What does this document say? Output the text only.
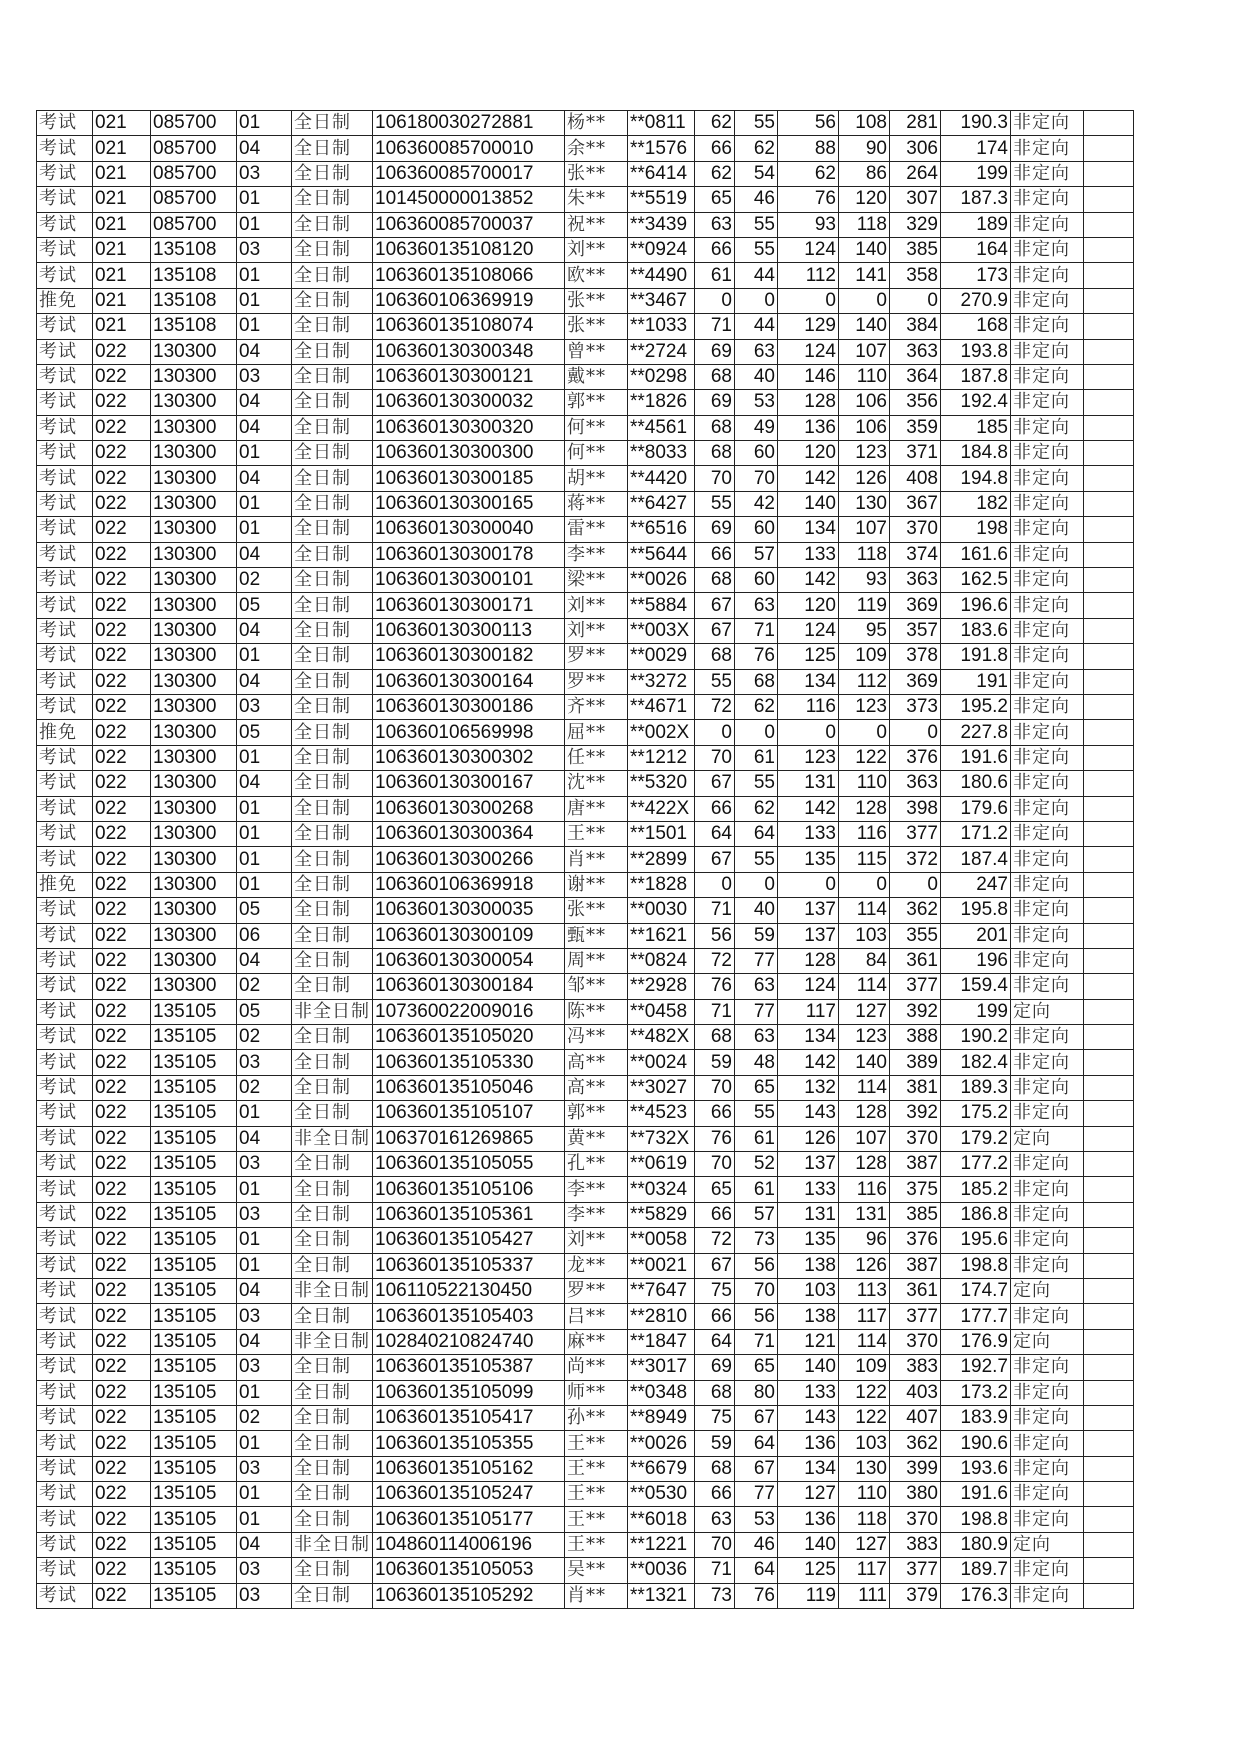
考试	021	085700	01	全日制	106180030272881	杨**	**0811	62	55	56	108	281	190.3	非定向	
考试	021	085700	04	全日制	106360085700010	余**	**1576	66	62	88	90	306	174	非定向	
考试	021	085700	03	全日制	106360085700017	张**	**6414	62	54	62	86	264	199	非定向	
考试	021	085700	01	全日制	101450000013852	朱**	**5519	65	46	76	120	307	187.3	非定向	
考试	021	085700	01	全日制	106360085700037	祝**	**3439	63	55	93	118	329	189	非定向	
考试	021	135108	03	全日制	106360135108120	刘**	**0924	66	55	124	140	385	164	非定向	
考试	021	135108	01	全日制	106360135108066	欧**	**4490	61	44	112	141	358	173	非定向	
推免	021	135108	01	全日制	106360106369919	张**	**3467	0	0	0	0	0	270.9	非定向	
考试	021	135108	01	全日制	106360135108074	张**	**1033	71	44	129	140	384	168	非定向	
考试	022	130300	04	全日制	106360130300348	曾**	**2724	69	63	124	107	363	193.8	非定向	
考试	022	130300	03	全日制	106360130300121	戴**	**0298	68	40	146	110	364	187.8	非定向	
考试	022	130300	04	全日制	106360130300032	郭**	**1826	69	53	128	106	356	192.4	非定向	
考试	022	130300	04	全日制	106360130300320	何**	**4561	68	49	136	106	359	185	非定向	
考试	022	130300	01	全日制	106360130300300	何**	**8033	68	60	120	123	371	184.8	非定向	
考试	022	130300	04	全日制	106360130300185	胡**	**4420	70	70	142	126	408	194.8	非定向	
考试	022	130300	01	全日制	106360130300165	蒋**	**6427	55	42	140	130	367	182	非定向	
考试	022	130300	01	全日制	106360130300040	雷**	**6516	69	60	134	107	370	198	非定向	
考试	022	130300	04	全日制	106360130300178	李**	**5644	66	57	133	118	374	161.6	非定向	
考试	022	130300	02	全日制	106360130300101	梁**	**0026	68	60	142	93	363	162.5	非定向	
考试	022	130300	05	全日制	106360130300171	刘**	**5884	67	63	120	119	369	196.6	非定向	
考试	022	130300	04	全日制	106360130300113	刘**	**003X	67	71	124	95	357	183.6	非定向	
考试	022	130300	01	全日制	106360130300182	罗**	**0029	68	76	125	109	378	191.8	非定向	
考试	022	130300	04	全日制	106360130300164	罗**	**3272	55	68	134	112	369	191	非定向	
考试	022	130300	03	全日制	106360130300186	齐**	**4671	72	62	116	123	373	195.2	非定向	
推免	022	130300	05	全日制	106360106569998	屈**	**002X	0	0	0	0	0	227.8	非定向	
考试	022	130300	01	全日制	106360130300302	任**	**1212	70	61	123	122	376	191.6	非定向	
考试	022	130300	04	全日制	106360130300167	沈**	**5320	67	55	131	110	363	180.6	非定向	
考试	022	130300	01	全日制	106360130300268	唐**	**422X	66	62	142	128	398	179.6	非定向	
考试	022	130300	01	全日制	106360130300364	王**	**1501	64	64	133	116	377	171.2	非定向	
考试	022	130300	01	全日制	106360130300266	肖**	**2899	67	55	135	115	372	187.4	非定向	
推免	022	130300	01	全日制	106360106369918	谢**	**1828	0	0	0	0	0	247	非定向	
考试	022	130300	05	全日制	106360130300035	张**	**0030	71	40	137	114	362	195.8	非定向	
考试	022	130300	06	全日制	106360130300109	甄**	**1621	56	59	137	103	355	201	非定向	
考试	022	130300	04	全日制	106360130300054	周**	**0824	72	77	128	84	361	196	非定向	
考试	022	130300	02	全日制	106360130300184	邹**	**2928	76	63	124	114	377	159.4	非定向	
考试	022	135105	05	非全日制	107360022009016	陈**	**0458	71	77	117	127	392	199	定向	
考试	022	135105	02	全日制	106360135105020	冯**	**482X	68	63	134	123	388	190.2	非定向	
考试	022	135105	03	全日制	106360135105330	高**	**0024	59	48	142	140	389	182.4	非定向	
考试	022	135105	02	全日制	106360135105046	高**	**3027	70	65	132	114	381	189.3	非定向	
考试	022	135105	01	全日制	106360135105107	郭**	**4523	66	55	143	128	392	175.2	非定向	
考试	022	135105	04	非全日制	106370161269865	黄**	**732X	76	61	126	107	370	179.2	定向	
考试	022	135105	03	全日制	106360135105055	孔**	**0619	70	52	137	128	387	177.2	非定向	
考试	022	135105	01	全日制	106360135105106	李**	**0324	65	61	133	116	375	185.2	非定向	
考试	022	135105	03	全日制	106360135105361	李**	**5829	66	57	131	131	385	186.8	非定向	
考试	022	135105	01	全日制	106360135105427	刘**	**0058	72	73	135	96	376	195.6	非定向	
考试	022	135105	01	全日制	106360135105337	龙**	**0021	67	56	138	126	387	198.8	非定向	
考试	022	135105	04	非全日制	106110522130450	罗**	**7647	75	70	103	113	361	174.7	定向	
考试	022	135105	03	全日制	106360135105403	吕**	**2810	66	56	138	117	377	177.7	非定向	
考试	022	135105	04	非全日制	102840210824740	麻**	**1847	64	71	121	114	370	176.9	定向	
考试	022	135105	03	全日制	106360135105387	尚**	**3017	69	65	140	109	383	192.7	非定向	
考试	022	135105	01	全日制	106360135105099	师**	**0348	68	80	133	122	403	173.2	非定向	
考试	022	135105	02	全日制	106360135105417	孙**	**8949	75	67	143	122	407	183.9	非定向	
考试	022	135105	01	全日制	106360135105355	王**	**0026	59	64	136	103	362	190.6	非定向	
考试	022	135105	03	全日制	106360135105162	王**	**6679	68	67	134	130	399	193.6	非定向	
考试	022	135105	01	全日制	106360135105247	王**	**0530	66	77	127	110	380	191.6	非定向	
考试	022	135105	01	全日制	106360135105177	王**	**6018	63	53	136	118	370	198.8	非定向	
考试	022	135105	04	非全日制	104860114006196	王**	**1221	70	46	140	127	383	180.9	定向	
考试	022	135105	03	全日制	106360135105053	吴**	**0036	71	64	125	117	377	189.7	非定向	
考试	022	135105	03	全日制	106360135105292	肖**	**1321	73	76	119	111	379	176.3	非定向	
